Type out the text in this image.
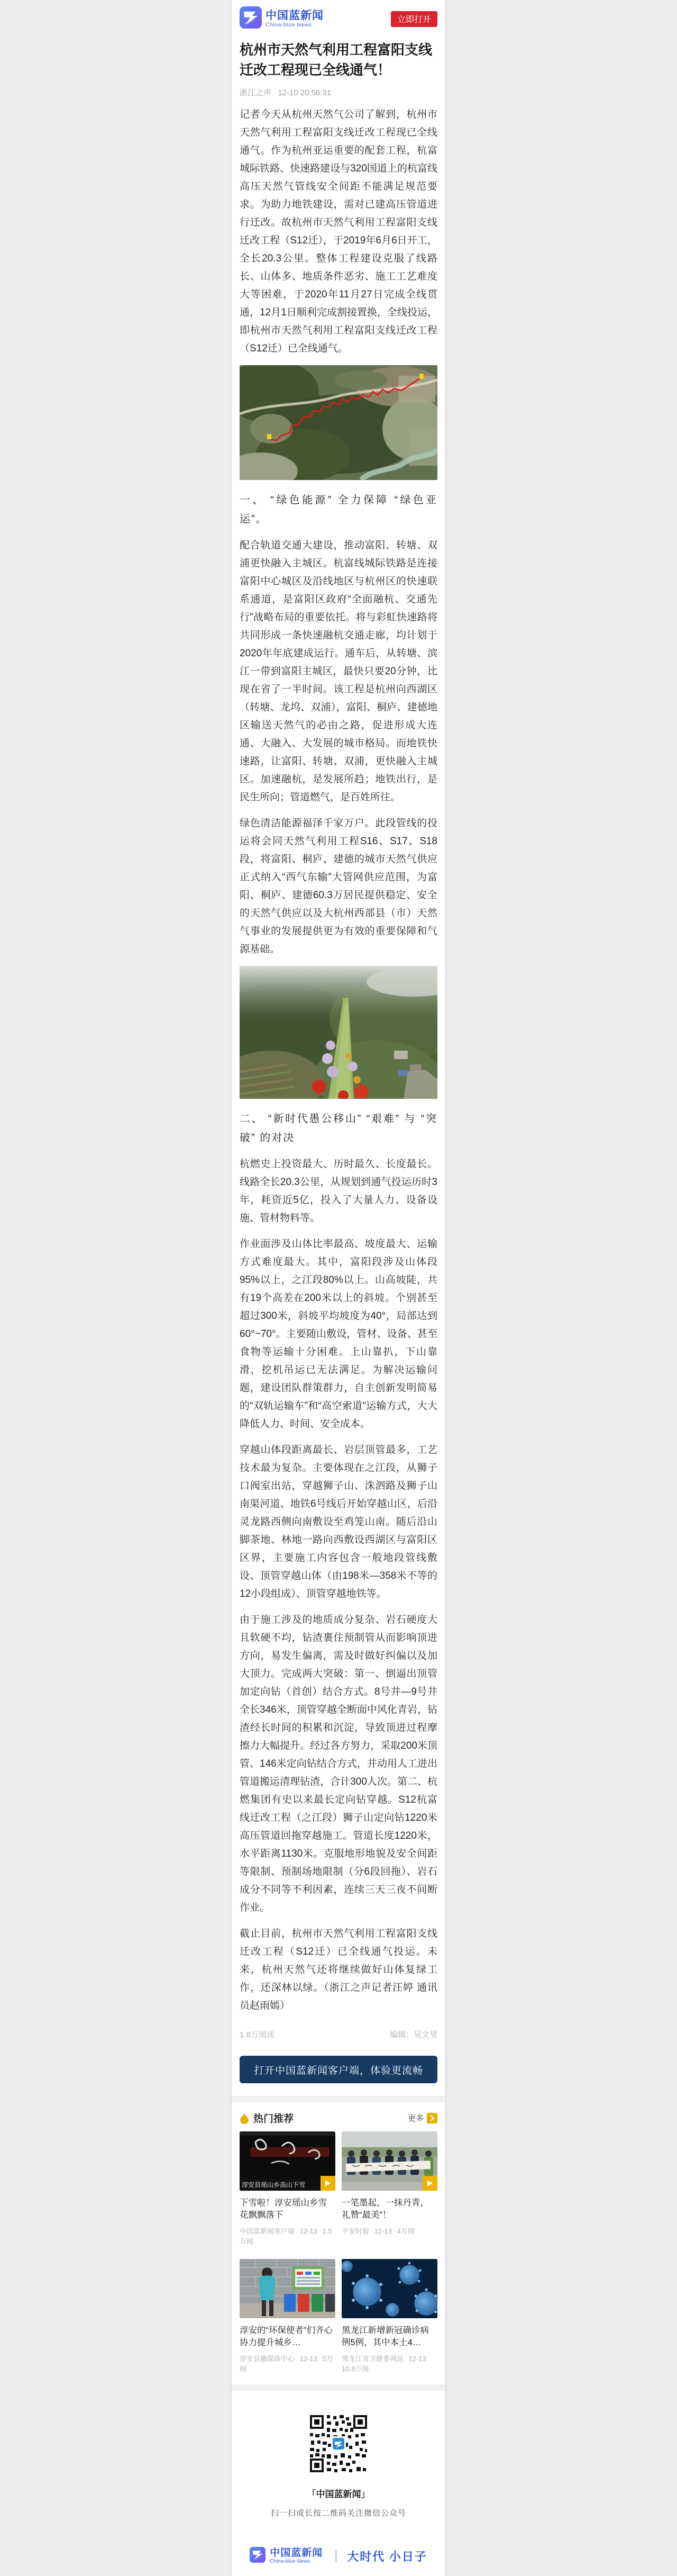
NEWS
中国蓝新闻
China-blue News
立即打开
杭州市天然气利用工程富阳支线迁改工程现已全线通气！
浙江之声 12-10 20:56:31

记者今天从杭州天然气公司了解到，杭州市天然气利用工程富阳支线迁改工程现已全线通气。作为杭州亚运重要的配套工程，杭富城际铁路、快速路建设与320国道上的杭富线高压天然气管线安全间距不能满足规范要求。为助力地铁建设，需对已建高压管道进行迁改。故杭州市天然气利用工程富阳支线迁改工程（S12迁），于2019年6月6日开工，全长20.3公里。整体工程建设克服了线路长、山体多、地质条件恶劣、施工工艺难度大等困难，于2020年11月27日完成全线贯通，12月1日顺利完成割接置换，全线投运，即杭州市天然气利用工程富阳支线迁改工程（S12迁）已全线通气。

一、 “绿色能源” 全力保障 “绿色亚运”。

配合轨道交通大建设，推动富阳、转塘、双浦更快融入主城区。杭富线城际铁路是连接富阳中心城区及沿线地区与杭州区的快速联系通道，是富阳区政府“全面融杭、交通先行”战略布局的重要依托。将与彩虹快速路将共同形成一条快速融杭交通走廊，均计划于2020年年底建成运行。通车后，从转塘、滨江一带到富阳主城区，最快只要20分钟，比现在省了一半时间。该工程是杭州向西湖区（转塘、龙坞、双浦），富阳、桐庐、建德地区输送天然气的必由之路，促进形成大连通、大融入、大发展的城市格局。而地铁快速路，让富阳、转塘、双浦，更快融入主城区。加速融杭，是发展所趋；地铁出行，是民生所向；管道燃气，是百姓所往。

绿色清洁能源福泽千家万户。此段管线的投运将会同天然气利用工程S16、S17、S18段，将富阳、桐庐、建德的城市天然气供应正式纳入“西气东输”大管网供应范围，为富阳、桐庐、建德60.3万居民提供稳定、安全的天然气供应以及大杭州西部县（市）天然气事业的发展提供更为有效的重要保障和气源基础。

二、 “新时代愚公移山” “艰难” 与 “突破” 的对决

杭燃史上投资最大、历时最久、长度最长。线路全长20.3公里，从规划到通气投运历时3年，耗资近5亿，投入了大量人力、设备设施、管材物料等。

作业面涉及山体比率最高、坡度最大、运输方式难度最大。其中，富阳段涉及山体段95%以上，之江段80%以上。山高坡陡，共有19个高差在200米以上的斜坡。个别甚至超过300米，斜坡平均坡度为40°，局部达到60°~70°。主要随山敷设，管材、设备、甚至食物等运输十分困难。上山靠扒，下山靠滑，挖机吊运已无法满足。为解决运输问题，建设团队群策群力，自主创新发明简易的“双轨运输车”和“高空索道”运输方式，大大降低人力、时间、安全成本。

穿越山体段距离最长、岩层顶管最多，工艺技术最为复杂。主要体现在之江段，从狮子口阀室出站，穿越狮子山、洙泗路及狮子山南渠河道、地铁6号线后开始穿越山区，后沿灵龙路西侧向南敷设至鸡笼山南。随后沿山脚茶地、林地一路向西敷设西湖区与富阳区区界，主要施工内容包含一般地段管线敷设、顶管穿越山体（由198米—358米不等的12小段组成）、顶管穿越地铁等。

由于施工涉及的地质成分复杂、岩石硬度大且软硬不均，钻渣裹住预制管从而影响顶进方向，易发生偏离，需及时做好纠偏以及加大顶力。完成两大突破：第一、倒逼出顶管加定向钻（首创）结合方式。8号井—9号井全长346米，顶管穿越全断面中风化青岩，钻渣经长时间的积累和沉淀，导致顶进过程摩擦力大幅提升。经过各方努力，采取200米顶管、146米定向钻结合方式，并动用人工进出管道搬运清理钻渣，合计300人次。第二、杭燃集团有史以来最长定向钻穿越。S12杭富线迁改工程（之江段）狮子山定向钻1220米高压管道回拖穿越施工。管道长度1220米，水平距离1130米。克服地形地貌及安全间距等限制、预制场地限制（分6段回拖）、岩石成分不同等不利因素，连续三天三夜不间断作业。

截止目前，杭州市天然气利用工程富阳支线迁改工程（S12迁）已全线通气投运。未来，杭州天然气还将继续做好山体复绿工作，还深林以绿。（浙江之声记者汪婷 通讯员赵雨嫣）

1.8万阅读	编辑：吴文昊
打开中国蓝新闻客户端，体验更流畅
热门推荐	更多
淳安县瑶山乡高山下雪
下雪啦！淳安瑶山乡雪花飘飘落下
中国蓝新闻客户端 12-13 1.5万阅
一笔墨起，一抹丹青，礼赞“最美”！
平安时报 12-13 4万阅
淳安的“环保使者”们齐心协力提升城乡…
淳安县融媒体中心 12-13 5万阅
黑龙江新增新冠确诊病例5例，其中本土4…
黑龙江省卫健委网站 12-13 10.8万阅
「中国蓝新闻」
扫一扫或长按二维码关注微信公众号
中国蓝新闻
China-blue News	｜ 大时代 小日子
